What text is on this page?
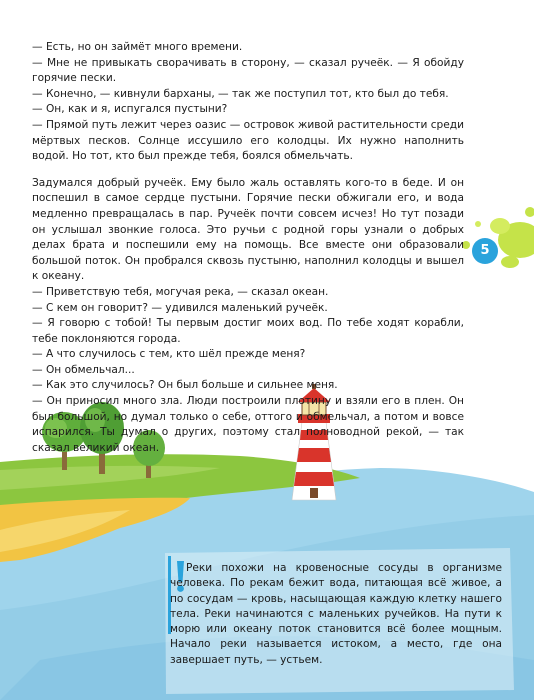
5

— Есть, но он займёт много времени.

— Мне не привыкать сворачивать в сторону, — сказал ручеёк. — Я обойду горячие пески.

— Конечно, — кивнули барханы, — так же поступил тот, кто был до тебя.

— Он, как и я, испугался пустыни?

— Прямой путь лежит через оазис — островок живой растительности среди мёртвых песков. Солнце иссушило его колодцы. Их нужно наполнить водой. Но тот, кто был прежде тебя, боялся обмельчать.

Задумался добрый ручеёк. Ему было жаль оставлять кого-то в беде. И он поспешил в самое сердце пустыни. Горячие пески обжигали его, и вода медленно превращалась в пар. Ручеёк почти совсем исчез! Но тут позади он услышал звонкие голоса. Это ручьи с родной горы узнали о добрых делах брата и поспешили ему на помощь. Все вместе они образовали большой поток. Он пробрался сквозь пустыню, наполнил колодцы и вышел к океану.

— Приветствую тебя, могучая река, — сказал океан.

— С кем он говорит? — удивился маленький ручеёк.

— Я говорю с тобой! Ты первым достиг моих вод. По тебе ходят корабли, тебе поклоняются города.

— А что случилось с тем, кто шёл прежде меня?

— Он обмельчал...

— Как это случилось? Он был больше и сильнее меня.

— Он приносил много зла. Люди построили плотину и взяли его в плен. Он был большой, но думал только о себе, оттого и обмельчал, а потом и вовсе испарился. Ты думал о других, поэтому стал полноводной рекой, — так сказал великий океан.

Реки похожи на кровеносные сосуды в организме человека. По рекам бежит вода, питающая всё живое, а по сосудам — кровь, насыщающая каждую клетку нашего тела. Реки начинаются с маленьких ручейков. На пути к морю или океану поток становится всё более мощным. Начало реки называется истоком, а место, где она завершает путь, — устьем.
